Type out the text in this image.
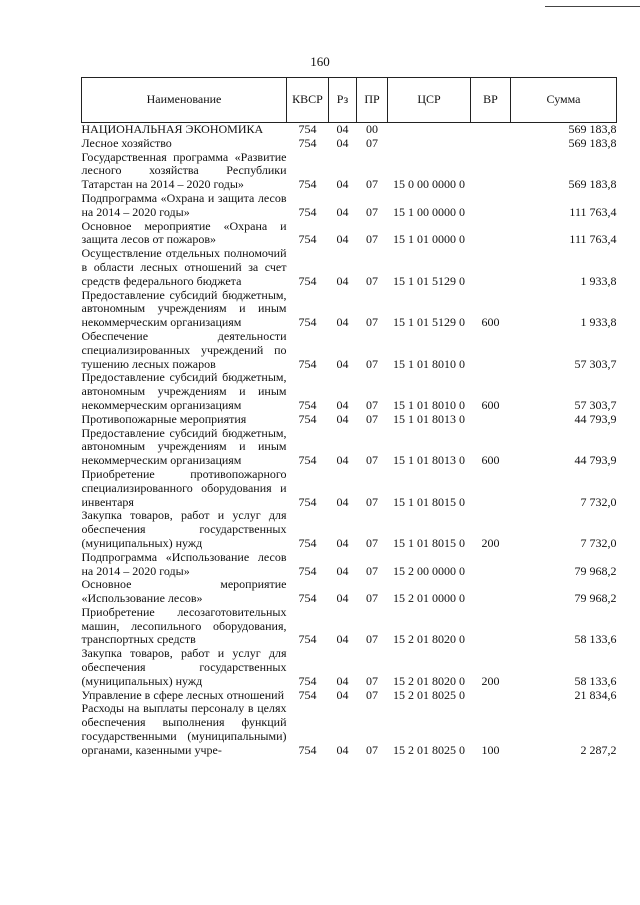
160
Наименование	КВСР	Рз	ПР	ЦСР	ВР	Сумма
НАЦИОНАЛЬНАЯ ЭКОНОМИКА	754	04	00			569 183,8
Лесное хозяйство	754	04	07			569 183,8
Государственная программа «Развитие лесного хозяйства Республики Татарстан на 2014 – 2020 годы»	754	04	07	15 0 00 0000 0		569 183,8
Подпрограмма «Охрана и защита лесов на 2014 – 2020 годы»	754	04	07	15 1 00 0000 0		111 763,4
Основное мероприятие «Охрана и защита лесов от пожаров»	754	04	07	15 1 01 0000 0		111 763,4
Осуществление отдельных полномочий в области лесных отношений за счет средств федерального бюджета	754	04	07	15 1 01 5129 0		1 933,8
Предоставление субсидий бюджетным, автономным учреждениям и иным некоммерческим организациям	754	04	07	15 1 01 5129 0	600	1 933,8
Обеспечение деятельности специализированных учреждений по тушению лесных пожаров	754	04	07	15 1 01 8010 0		57 303,7
Предоставление субсидий бюджетным, автономным учреждениям и иным некоммерческим организациям	754	04	07	15 1 01 8010 0	600	57 303,7
Противопожарные мероприятия	754	04	07	15 1 01 8013 0		44 793,9
Предоставление субсидий бюджетным, автономным учреждениям и иным некоммерческим организациям	754	04	07	15 1 01 8013 0	600	44 793,9
Приобретение противопожарного специализированного оборудования и инвентаря	754	04	07	15 1 01 8015 0		7 732,0
Закупка товаров, работ и услуг для обеспечения государственных (муниципальных) нужд	754	04	07	15 1 01 8015 0	200	7 732,0
Подпрограмма «Использование лесов на 2014 – 2020 годы»	754	04	07	15 2 00 0000 0		79 968,2
Основное мероприятие «Использование лесов»	754	04	07	15 2 01 0000 0		79 968,2
Приобретение лесозаготовительных машин, лесопильного оборудования, транспортных средств	754	04	07	15 2 01 8020 0		58 133,6
Закупка товаров, работ и услуг для обеспечения государственных (муниципальных) нужд	754	04	07	15 2 01 8020 0	200	58 133,6
Управление в сфере лесных отношений	754	04	07	15 2 01 8025 0		21 834,6
Расходы на выплаты персоналу в целях обеспечения выполнения функций государственными (муниципальными) органами, казенными учре-	754	04	07	15 2 01 8025 0	100	2 287,2
